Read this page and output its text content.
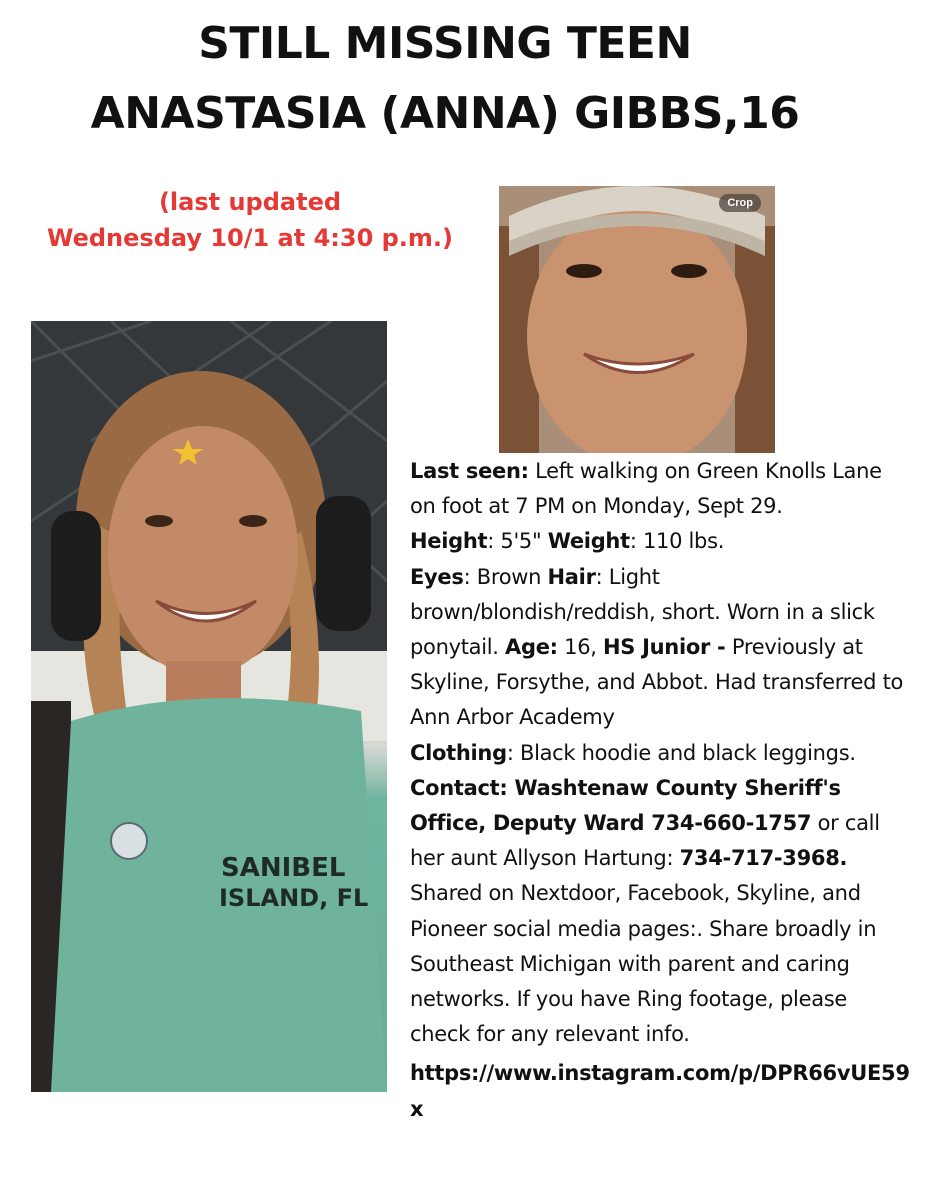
STILL MISSING TEEN
ANASTASIA (ANNA) GIBBS,16
(last updated
Wednesday 10/1 at 4:30 p.m.)
SANIBEL
ISLAND, FL
Crop

Last seen: Left walking on Green Knolls Lane on foot at 7 PM on Monday, Sept 29.
Height: 5'5" Weight: 110 lbs.
Eyes: Brown Hair: Light brown/blondish/reddish, short. Worn in a slick ponytail. Age: 16, HS Junior - Previously at Skyline, Forsythe, and Abbot. Had transferred to Ann Arbor Academy
Clothing: Black hoodie and black leggings.
Contact: Washtenaw County Sheriff's Office, Deputy Ward 734-660-1757 or call her aunt Allyson Hartung: 734-717-3968. Shared on Nextdoor, Facebook, Skyline, and Pioneer social media pages:. Share broadly in Southeast Michigan with parent and caring networks. If you have Ring footage, please check for any relevant info.

https://www.instagram.com/p/DPR66vUE59x
